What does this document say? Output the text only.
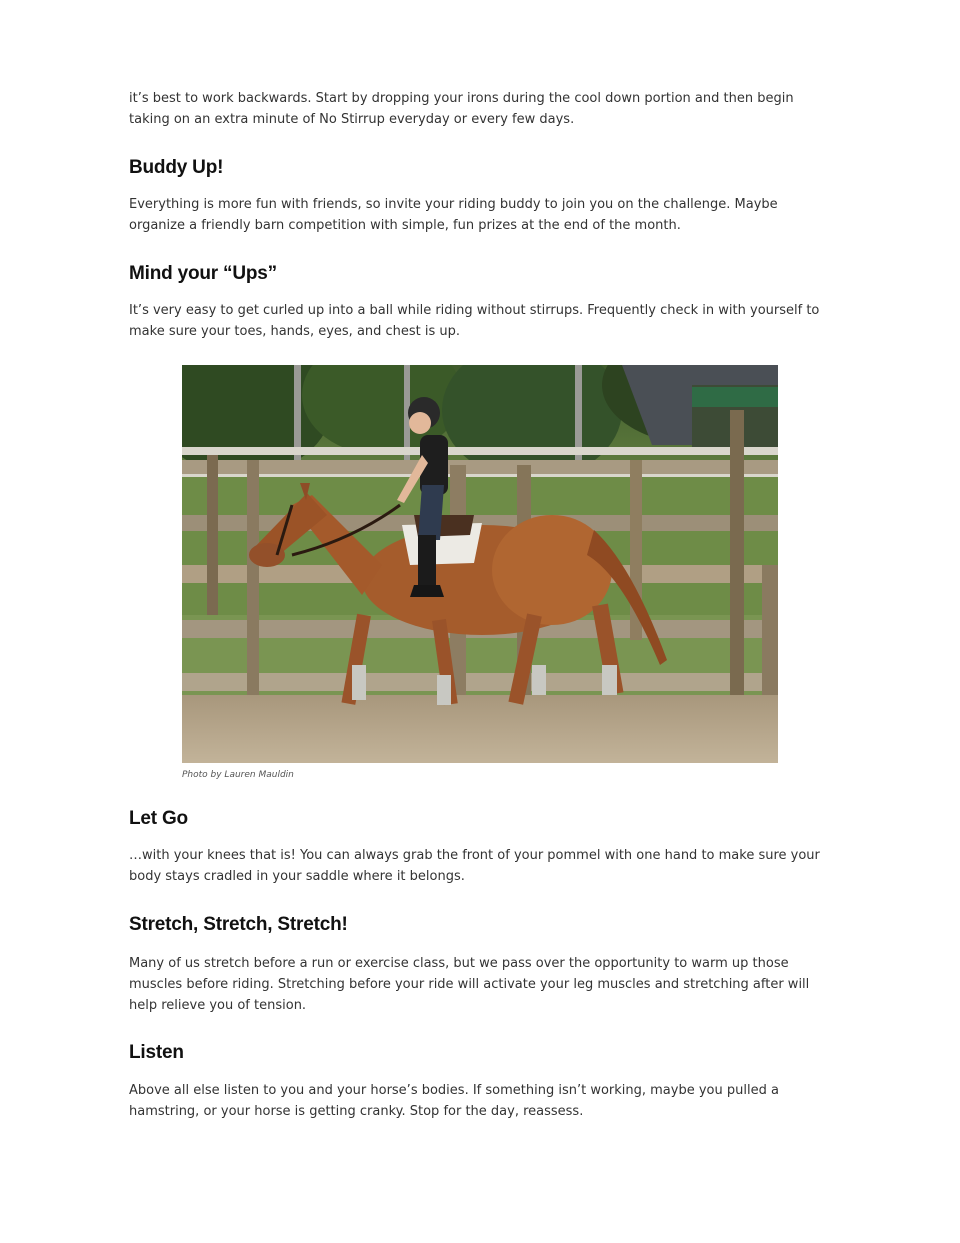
it’s best to work backwards. Start by dropping your irons during the cool down portion and then begin taking on an extra minute of No Stirrup everyday or every few days.

Buddy Up!

Everything is more fun with friends, so invite your riding buddy to join you on the challenge. Maybe organize a friendly barn competition with simple, fun prizes at the end of the month.

Mind your “Ups”

It’s very easy to get curled up into a ball while riding without stirrups. Frequently check in with yourself to make sure your toes, hands, eyes, and chest is up.

Photo by Lauren Mauldin
Let Go

…with your knees that is! You can always grab the front of your pommel with one hand to make sure your body stays cradled in your saddle where it belongs.

Stretch, Stretch, Stretch!

Many of us stretch before a run or exercise class, but we pass over the opportunity to warm up those muscles before riding. Stretching before your ride will activate your leg muscles and stretching after will help relieve you of tension.

Listen

Above all else listen to you and your horse’s bodies. If something isn’t working, maybe you pulled a hamstring, or your horse is getting cranky. Stop for the day, reassess.
